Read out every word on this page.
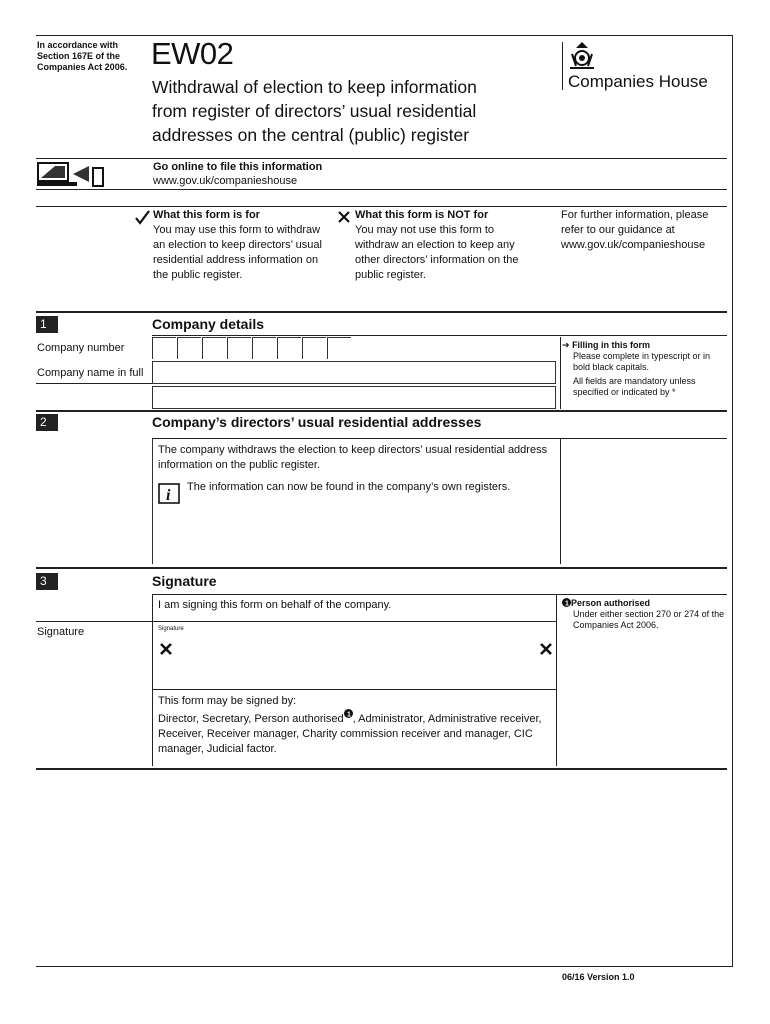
In accordance with Section 167E of the Companies Act 2006. EW02
Withdrawal of election to keep information
from register of directors’ usual residential
addresses on the central (public) register
Companies House
Go online to file this information
www.gov.uk/companieshouse
What this form is for
You may use this form to withdraw an election to keep directors’ usual residential address information on the public register.
What this form is NOT for
You may not use this form to withdraw an election to keep any other directors’ information on the public register.
For further information, please refer to our guidance at www.gov.uk/companieshouse
1	Company details
Company number
Company name in full
➔ Filling in this form
Please complete in typescript or in bold black capitals.
All fields are mandatory unless specified or indicated by *
2	Company’s directors’ usual residential addresses
The company withdraws the election to keep directors’ usual residential address information on the public register.
i The information can now be found in the company’s own registers.
3	Signature
I am signing this form on behalf of the company.
Signature	Signature
This form may be signed by:
Director, Secretary, Person authorised 1 , Administrator, Administrative receiver, Receiver, Receiver manager, Charity commission receiver and manager, CIC manager, Judicial factor.
1 Person authorised
Under either section 270 or 274 of the Companies Act 2006.
06/16 Version 1.0
